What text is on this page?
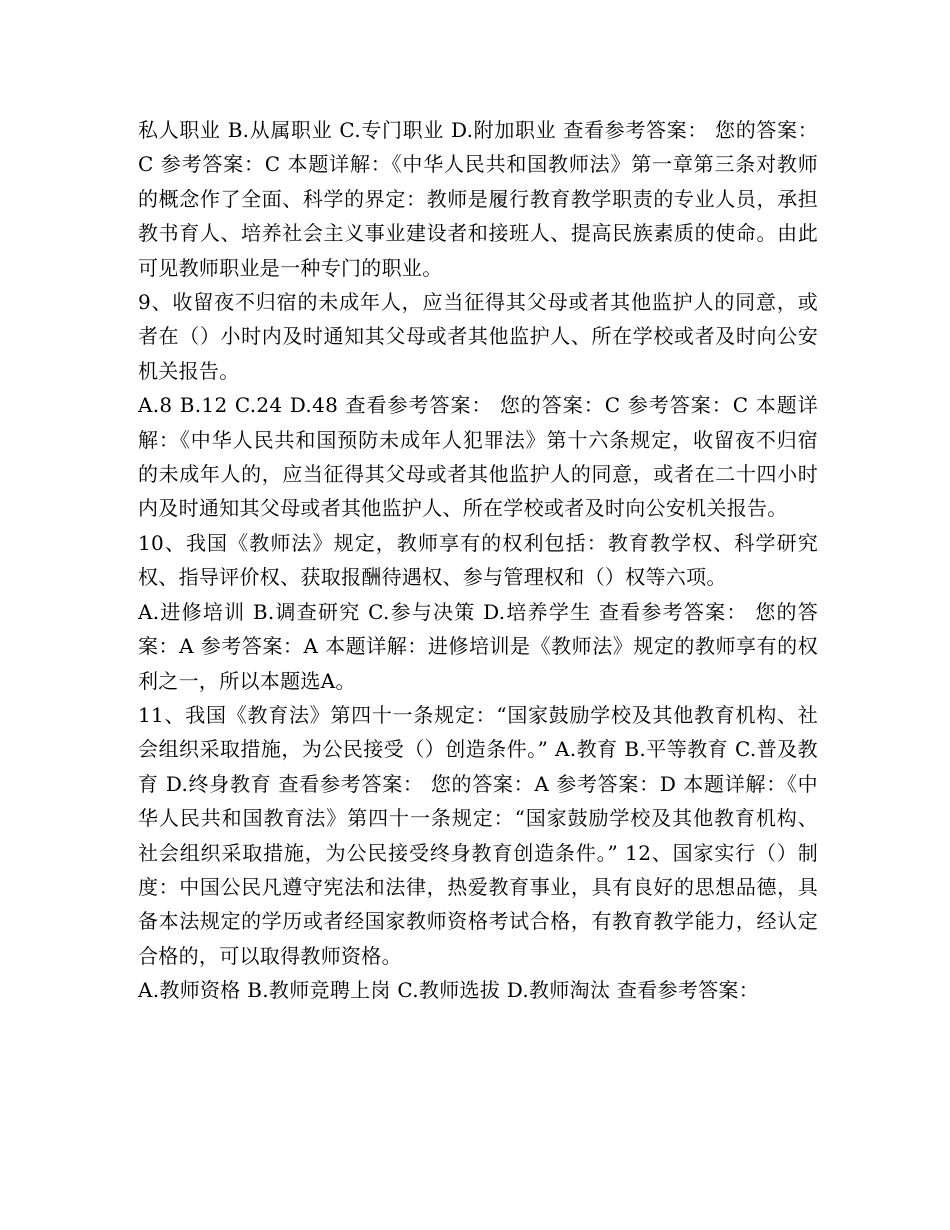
私人职业 B.从属职业 C.专门职业 D.附加职业 查看参考答案： 您的答案：C 参考答案：C 本题详解：《中华人民共和国教师法》第一章第三条对教师的概念作了全面、科学的界定：教师是履行教育教学职责的专业人员，承担教书育人、培养社会主义事业建设者和接班人、提高民族素质的使命。由此可见教师职业是一种专门的职业。

9、收留夜不归宿的未成年人，应当征得其父母或者其他监护人的同意，或者在（）小时内及时通知其父母或者其他监护人、所在学校或者及时向公安机关报告。

A.8 B.12 C.24 D.48 查看参考答案： 您的答案：C 参考答案：C 本题详解：《中华人民共和国预防未成年人犯罪法》第十六条规定，收留夜不归宿的未成年人的，应当征得其父母或者其他监护人的同意，或者在二十四小时内及时通知其父母或者其他监护人、所在学校或者及时向公安机关报告。

10、我国《教师法》规定，教师享有的权利包括：教育教学权、科学研究权、指导评价权、获取报酬待遇权、参与管理权和（）权等六项。

A.进修培训 B.调查研究 C.参与决策 D.培养学生 查看参考答案： 您的答案：A 参考答案：A 本题详解：进修培训是《教师法》规定的教师享有的权利之一，所以本题选A。

11、我国《教育法》第四十一条规定：“国家鼓励学校及其他教育机构、社会组织采取措施，为公民接受（）创造条件。” A.教育 B.平等教育 C.普及教育 D.终身教育 查看参考答案： 您的答案：A 参考答案：D 本题详解：《中华人民共和国教育法》第四十一条规定：“国家鼓励学校及其他教育机构、社会组织采取措施，为公民接受终身教育创造条件。” 12、国家实行（）制度：中国公民凡遵守宪法和法律，热爱教育事业，具有良好的思想品德，具备本法规定的学历或者经国家教师资格考试合格，有教育教学能力，经认定合格的，可以取得教师资格。

A.教师资格 B.教师竞聘上岗 C.教师选拔 D.教师淘汰 查看参考答案：
